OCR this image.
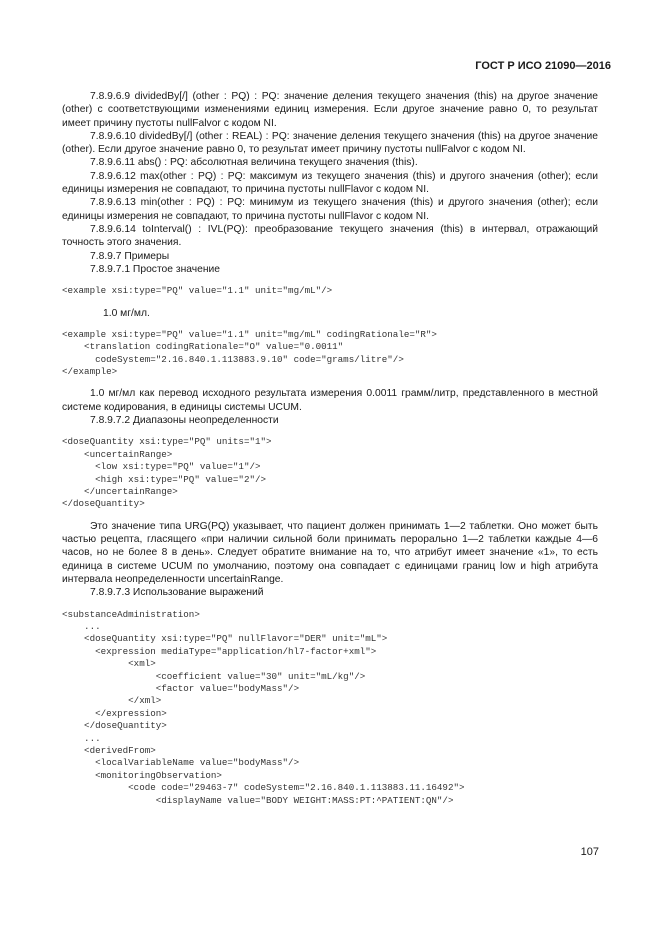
ГОСТ Р ИСО 21090—2016

7.8.9.6.9 dividedBy[/] (other : PQ) : PQ: значение деления текущего значения (this) на другое значение (other) с соответствующими изменениями единиц измерения. Если другое значение равно 0, то результат имеет причину пустоты nullFalvor с кодом NI.

7.8.9.6.10 dividedBy[/] (other : REAL) : PQ: значение деления текущего значения (this) на другое значение (other). Если другое значение равно 0, то результат имеет причину пустоты nullFalvor с кодом NI.

7.8.9.6.11 abs() : PQ: абсолютная величина текущего значения (this).

7.8.9.6.12 max(other : PQ) : PQ: максимум из текущего значения (this) и другого значения (other); если единицы измерения не совпадают, то причина пустоты nullFlavor с кодом NI.

7.8.9.6.13 min(other : PQ) : PQ: минимум из текущего значения (this) и другого значения (other); если единицы измерения не совпадают, то причина пустоты nullFlavor с кодом NI.

7.8.9.6.14 toInterval() : IVL(PQ): преобразование текущего значения (this) в интервал, отражающий точность этого значения.

7.8.9.7 Примеры

7.8.9.7.1 Простое значение

<example xsi:type="PQ" value="1.1" unit="mg/mL"/>

1.0 мг/мл.

<example xsi:type="PQ" value="1.1" unit="mg/mL" codingRationale="R">
<translation codingRationale="O" value="0.0011"
codeSystem="2.16.840.1.113883.9.10" code="grams/litre"/>
</example>

1.0 мг/мл как перевод исходного результата измерения 0.0011 грамм/литр, представленного в местной системе кодирования, в единицы системы UCUM.

7.8.9.7.2 Диапазоны неопределенности

<doseQuantity xsi:type="PQ" units="1">
<uncertainRange>
<low xsi:type="PQ" value="1"/>
<high xsi:type="PQ" value="2"/>
</uncertainRange>
</doseQuantity>

Это значение типа URG(PQ) указывает, что пациент должен принимать 1—2 таблетки. Оно может быть частью рецепта, гласящего «при наличии сильной боли принимать перорально 1—2 таблетки каждые 4—6 часов, но не более 8 в день». Следует обратите внимание на то, что атрибут имеет значение «1», то есть единица в системе UCUM по умолчанию, поэтому она совпадает с единицами границ low и high атрибута интервала неопределенности uncertainRange.

7.8.9.7.3 Использование выражений

<substanceAdministration>
...
<doseQuantity xsi:type="PQ" nullFlavor="DER" unit="mL">
<expression mediaType="application/hl7-factor+xml">
<xml>
<coefficient value="30" unit="mL/kg"/>
<factor value="bodyMass"/>
</xml>
</expression>
</doseQuantity>
...
<derivedFrom>
<localVariableName value="bodyMass"/>
<monitoringObservation>
<code code="29463-7" codeSystem="2.16.840.1.113883.11.16492">
<displayName value="BODY WEIGHT:MASS:PT:^PATIENT:QN"/>
107
